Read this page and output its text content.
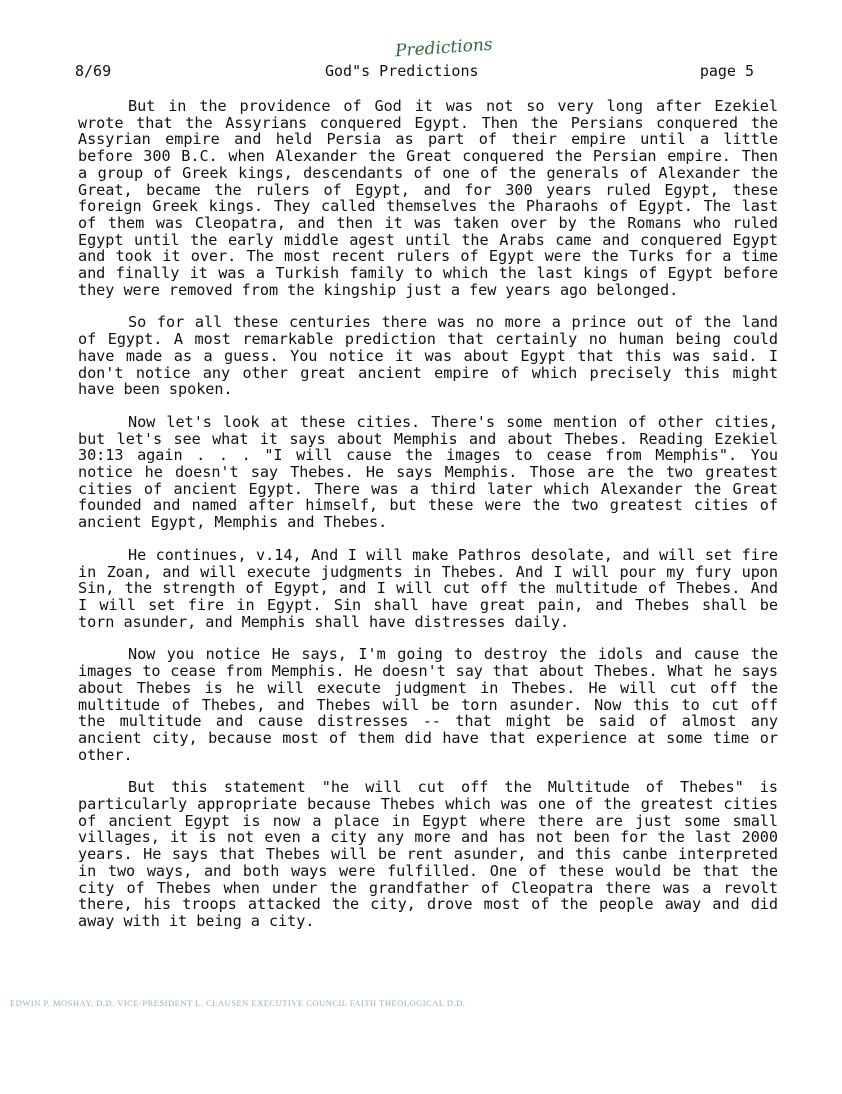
Predictions
8/69	God"s Predictions	page 5

But in the providence of God it was not so very long after Ezekiel wrote that the Assyrians conquered Egypt. Then the Persians conquered the Assyrian empire and held Persia as part of their empire until a little before 300 B.C. when Alexander the Great conquered the Persian empire. Then a group of Greek kings, descendants of one of the generals of Alexander the Great, became the rulers of Egypt, and for 300 years ruled Egypt, these foreign Greek kings. They called themselves the Pharaohs of Egypt. The last of them was Cleopatra, and then it was taken over by the Romans who ruled Egypt until the early middle agest until the Arabs came and conquered Egypt and took it over. The most recent rulers of Egypt were the Turks for a time and finally it was a Turkish family to which the last kings of Egypt before they were removed from the kingship just a few years ago belonged.

So for all these centuries there was no more a prince out of the land of Egypt. A most remarkable prediction that certainly no human being could have made as a guess. You notice it was about Egypt that this was said. I don't notice any other great ancient empire of which precisely this might have been spoken.

Now let's look at these cities. There's some mention of other cities, but let's see what it says about Memphis and about Thebes. Reading Ezekiel 30:13 again . . . "I will cause the images to cease from Memphis". You notice he doesn't say Thebes. He says Memphis. Those are the two greatest cities of ancient Egypt. There was a third later which Alexander the Great founded and named after himself, but these were the two greatest cities of ancient Egypt, Memphis and Thebes.

He continues, v.14, And I will make Pathros desolate, and will set fire in Zoan, and will execute judgments in Thebes. And I will pour my fury upon Sin, the strength of Egypt, and I will cut off the multitude of Thebes. And I will set fire in Egypt. Sin shall have great pain, and Thebes shall be torn asunder, and Memphis shall have distresses daily.

Now you notice He says, I'm going to destroy the idols and cause the images to cease from Memphis. He doesn't say that about Thebes. What he says about Thebes is he will execute judgment in Thebes. He will cut off the multitude of Thebes, and Thebes will be torn asunder. Now this to cut off the multitude and cause distresses -- that might be said of almost any ancient city, because most of them did have that experience at some time or other.

But this statement "he will cut off the Multitude of Thebes" is particularly appropriate because Thebes which was one of the greatest cities of ancient Egypt is now a place in Egypt where there are just some small villages, it is not even a city any more and has not been for the last 2000 years. He says that Thebes will be rent asunder, and this canbe interpreted in two ways, and both ways were fulfilled. One of these would be that the city of Thebes when under the grandfather of Cleopatra there was a revolt there, his troops attacked the city, drove most of the people away and did away with it being a city.

EDWIN P. MOSHAY, D.D. VICE-PRESIDENT L. CLAUSEN EXECUTIVE COUNCIL FAITH THEOLOGICAL D.D.
